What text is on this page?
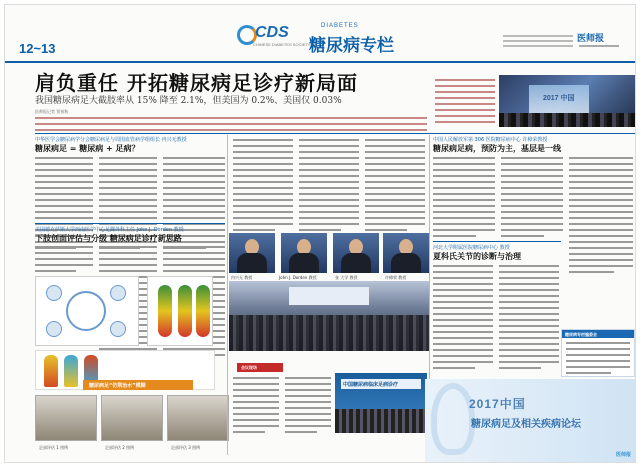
12~13
CDS
CHINESE DIABETES SOCIETY
DIABETES
糖尿病专栏	医师报
肩负重任 开拓糖尿病足诊疗新局面
我国糖尿病足大截肢率从 15% 降至 2.1%，但美国为 0.2%、美国仅 0.03%
医师报记者 贾春秋
2017 中国
中华医学会糖尿病学分会糖尿病足与周围血管病学组组长 冉兴无教授
糖尿病足 = 糖尿病 + 足病？
美国德克萨斯大学西南医学中心足踝外科主任 John J. Dorden 教授
下肢创面评估与分级 糖尿病足诊疗新思路
糖尿病足“仿荆治水”模糊
足部评估 1 图例	足部评估 2 图例	足部评估 3 图例
冉兴无 教授	John J. Dorden 教授	张 大学 教授	许樟荣 教授
会议现场
中国糖尿病临床足病诊疗
中国人民解放军第 306 医院糖尿病中心 许樟荣教授
糖尿病足病，预防为主，基层是一线
河北大学附属医院糖尿病中心 教授
夏科氏关节的诊断与治理
糖尿病专栏编委会
2017中国
糖尿病足及相关疾病论坛
医师报
